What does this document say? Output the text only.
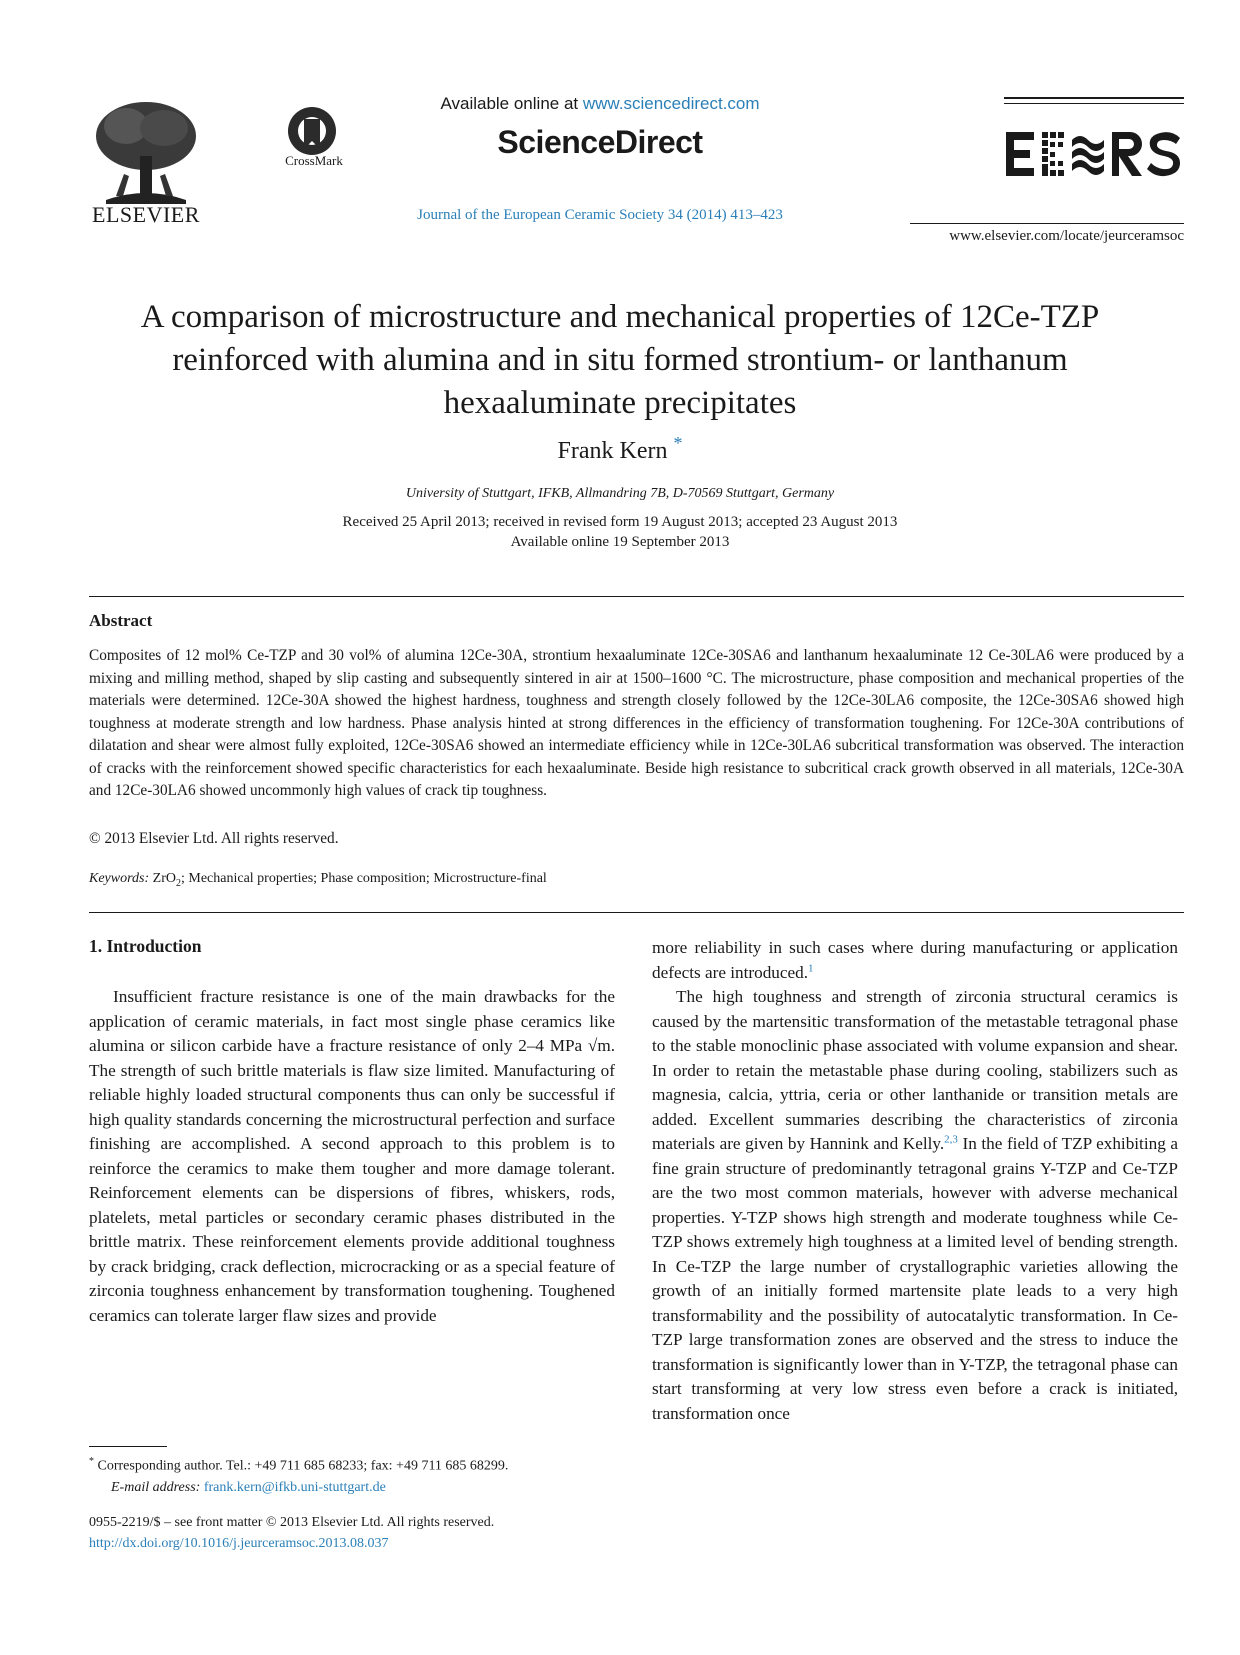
ELSEVIER
CrossMark
Available online at www.sciencedirect.com
ScienceDirect
Journal of the European Ceramic Society 34 (2014) 413–423
www.elsevier.com/locate/jeurceramsoc
A comparison of microstructure and mechanical properties of 12Ce-TZP
reinforced with alumina and in situ formed strontium- or lanthanum
hexaaluminate precipitates
Frank Kern *
University of Stuttgart, IFKB, Allmandring 7B, D-70569 Stuttgart, Germany
Received 25 April 2013; received in revised form 19 August 2013; accepted 23 August 2013
Available online 19 September 2013
Abstract
Composites of 12 mol% Ce-TZP and 30 vol% of alumina 12Ce-30A, strontium hexaaluminate 12Ce-30SA6 and lanthanum hexaaluminate 12 Ce-30LA6 were produced by a mixing and milling method, shaped by slip casting and subsequently sintered in air at 1500–1600 °C. The microstructure, phase composition and mechanical properties of the materials were determined. 12Ce-30A showed the highest hardness, toughness and strength closely followed by the 12Ce-30LA6 composite, the 12Ce-30SA6 showed high toughness at moderate strength and low hardness. Phase analysis hinted at strong differences in the efficiency of transformation toughening. For 12Ce-30A contributions of dilatation and shear were almost fully exploited, 12Ce-30SA6 showed an intermediate efficiency while in 12Ce-30LA6 subcritical transformation was observed. The interaction of cracks with the reinforcement showed specific characteristics for each hexaaluminate. Beside high resistance to subcritical crack growth observed in all materials, 12Ce-30A and 12Ce-30LA6 showed uncommonly high values of crack tip toughness.
© 2013 Elsevier Ltd. All rights reserved.
Keywords: ZrO$_2$; Mechanical properties; Phase composition; Microstructure-final
1. Introduction

Insufficient fracture resistance is one of the main drawbacks for the application of ceramic materials, in fact most single phase ceramics like alumina or silicon carbide have a fracture resistance of only 2–4 MPa √m. The strength of such brittle materials is flaw size limited. Manufacturing of reliable highly loaded structural components thus can only be successful if high quality standards concerning the microstructural perfection and surface finishing are accomplished. A second approach to this problem is to reinforce the ceramics to make them tougher and more damage tolerant. Reinforcement elements can be dispersions of fibres, whiskers, rods, platelets, metal particles or secondary ceramic phases distributed in the brittle matrix. These reinforcement elements provide additional toughness by crack bridging, crack deflection, microcracking or as a special feature of zirconia toughness enhancement by transformation toughening. Toughened ceramics can tolerate larger flaw sizes and provide

more reliability in such cases where during manufacturing or application defects are introduced.$^1$

The high toughness and strength of zirconia structural ceramics is caused by the martensitic transformation of the metastable tetragonal phase to the stable monoclinic phase associated with volume expansion and shear. In order to retain the metastable phase during cooling, stabilizers such as magnesia, calcia, yttria, ceria or other lanthanide or transition metals are added. Excellent summaries describing the characteristics of zirconia materials are given by Hannink and Kelly.$^{2,3}$ In the field of TZP exhibiting a fine grain structure of predominantly tetragonal grains Y-TZP and Ce-TZP are the two most common materials, however with adverse mechanical properties. Y-TZP shows high strength and moderate toughness while Ce-TZP shows extremely high toughness at a limited level of bending strength. In Ce-TZP the large number of crystallographic varieties allowing the growth of an initially formed martensite plate leads to a very high transformability and the possibility of autocatalytic transformation. In Ce-TZP large transformation zones are observed and the stress to induce the transformation is significantly lower than in Y-TZP, the tetragonal phase can start transforming at very low stress even before a crack is initiated, transformation once

* Corresponding author. Tel.: +49 711 685 68233; fax: +49 711 685 68299.
E-mail address: frank.kern@ifkb.uni-stuttgart.de
0955-2219/$ – see front matter © 2013 Elsevier Ltd. All rights reserved.
http://dx.doi.org/10.1016/j.jeurceramsoc.2013.08.037
